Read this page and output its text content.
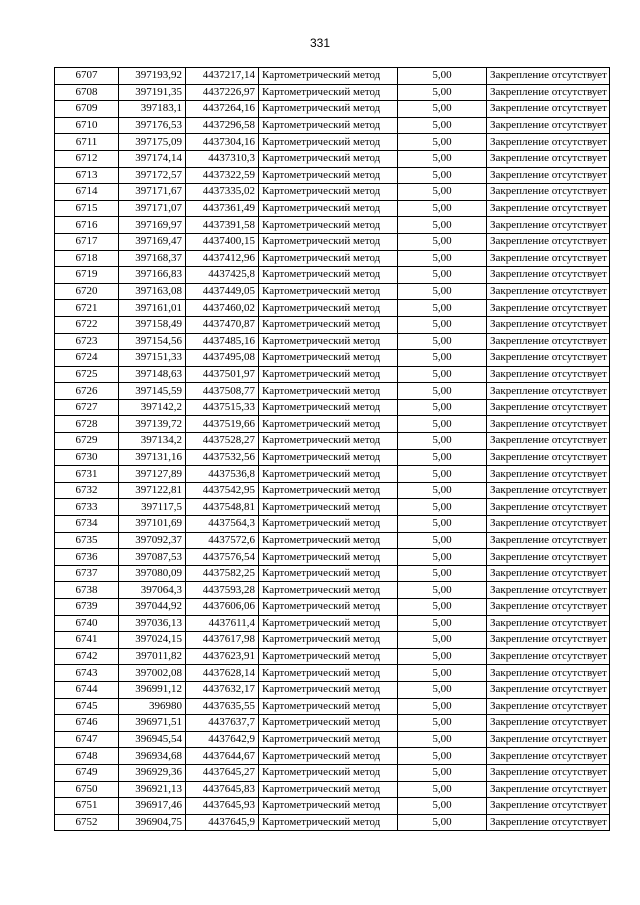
331
6707	397193,92	4437217,14	Картометрический метод	5,00	Закрепление отсутствует
6708	397191,35	4437226,97	Картометрический метод	5,00	Закрепление отсутствует
6709	397183,1	4437264,16	Картометрический метод	5,00	Закрепление отсутствует
6710	397176,53	4437296,58	Картометрический метод	5,00	Закрепление отсутствует
6711	397175,09	4437304,16	Картометрический метод	5,00	Закрепление отсутствует
6712	397174,14	4437310,3	Картометрический метод	5,00	Закрепление отсутствует
6713	397172,57	4437322,59	Картометрический метод	5,00	Закрепление отсутствует
6714	397171,67	4437335,02	Картометрический метод	5,00	Закрепление отсутствует
6715	397171,07	4437361,49	Картометрический метод	5,00	Закрепление отсутствует
6716	397169,97	4437391,58	Картометрический метод	5,00	Закрепление отсутствует
6717	397169,47	4437400,15	Картометрический метод	5,00	Закрепление отсутствует
6718	397168,37	4437412,96	Картометрический метод	5,00	Закрепление отсутствует
6719	397166,83	4437425,8	Картометрический метод	5,00	Закрепление отсутствует
6720	397163,08	4437449,05	Картометрический метод	5,00	Закрепление отсутствует
6721	397161,01	4437460,02	Картометрический метод	5,00	Закрепление отсутствует
6722	397158,49	4437470,87	Картометрический метод	5,00	Закрепление отсутствует
6723	397154,56	4437485,16	Картометрический метод	5,00	Закрепление отсутствует
6724	397151,33	4437495,08	Картометрический метод	5,00	Закрепление отсутствует
6725	397148,63	4437501,97	Картометрический метод	5,00	Закрепление отсутствует
6726	397145,59	4437508,77	Картометрический метод	5,00	Закрепление отсутствует
6727	397142,2	4437515,33	Картометрический метод	5,00	Закрепление отсутствует
6728	397139,72	4437519,66	Картометрический метод	5,00	Закрепление отсутствует
6729	397134,2	4437528,27	Картометрический метод	5,00	Закрепление отсутствует
6730	397131,16	4437532,56	Картометрический метод	5,00	Закрепление отсутствует
6731	397127,89	4437536,8	Картометрический метод	5,00	Закрепление отсутствует
6732	397122,81	4437542,95	Картометрический метод	5,00	Закрепление отсутствует
6733	397117,5	4437548,81	Картометрический метод	5,00	Закрепление отсутствует
6734	397101,69	4437564,3	Картометрический метод	5,00	Закрепление отсутствует
6735	397092,37	4437572,6	Картометрический метод	5,00	Закрепление отсутствует
6736	397087,53	4437576,54	Картометрический метод	5,00	Закрепление отсутствует
6737	397080,09	4437582,25	Картометрический метод	5,00	Закрепление отсутствует
6738	397064,3	4437593,28	Картометрический метод	5,00	Закрепление отсутствует
6739	397044,92	4437606,06	Картометрический метод	5,00	Закрепление отсутствует
6740	397036,13	4437611,4	Картометрический метод	5,00	Закрепление отсутствует
6741	397024,15	4437617,98	Картометрический метод	5,00	Закрепление отсутствует
6742	397011,82	4437623,91	Картометрический метод	5,00	Закрепление отсутствует
6743	397002,08	4437628,14	Картометрический метод	5,00	Закрепление отсутствует
6744	396991,12	4437632,17	Картометрический метод	5,00	Закрепление отсутствует
6745	396980	4437635,55	Картометрический метод	5,00	Закрепление отсутствует
6746	396971,51	4437637,7	Картометрический метод	5,00	Закрепление отсутствует
6747	396945,54	4437642,9	Картометрический метод	5,00	Закрепление отсутствует
6748	396934,68	4437644,67	Картометрический метод	5,00	Закрепление отсутствует
6749	396929,36	4437645,27	Картометрический метод	5,00	Закрепление отсутствует
6750	396921,13	4437645,83	Картометрический метод	5,00	Закрепление отсутствует
6751	396917,46	4437645,93	Картометрический метод	5,00	Закрепление отсутствует
6752	396904,75	4437645,9	Картометрический метод	5,00	Закрепление отсутствует
